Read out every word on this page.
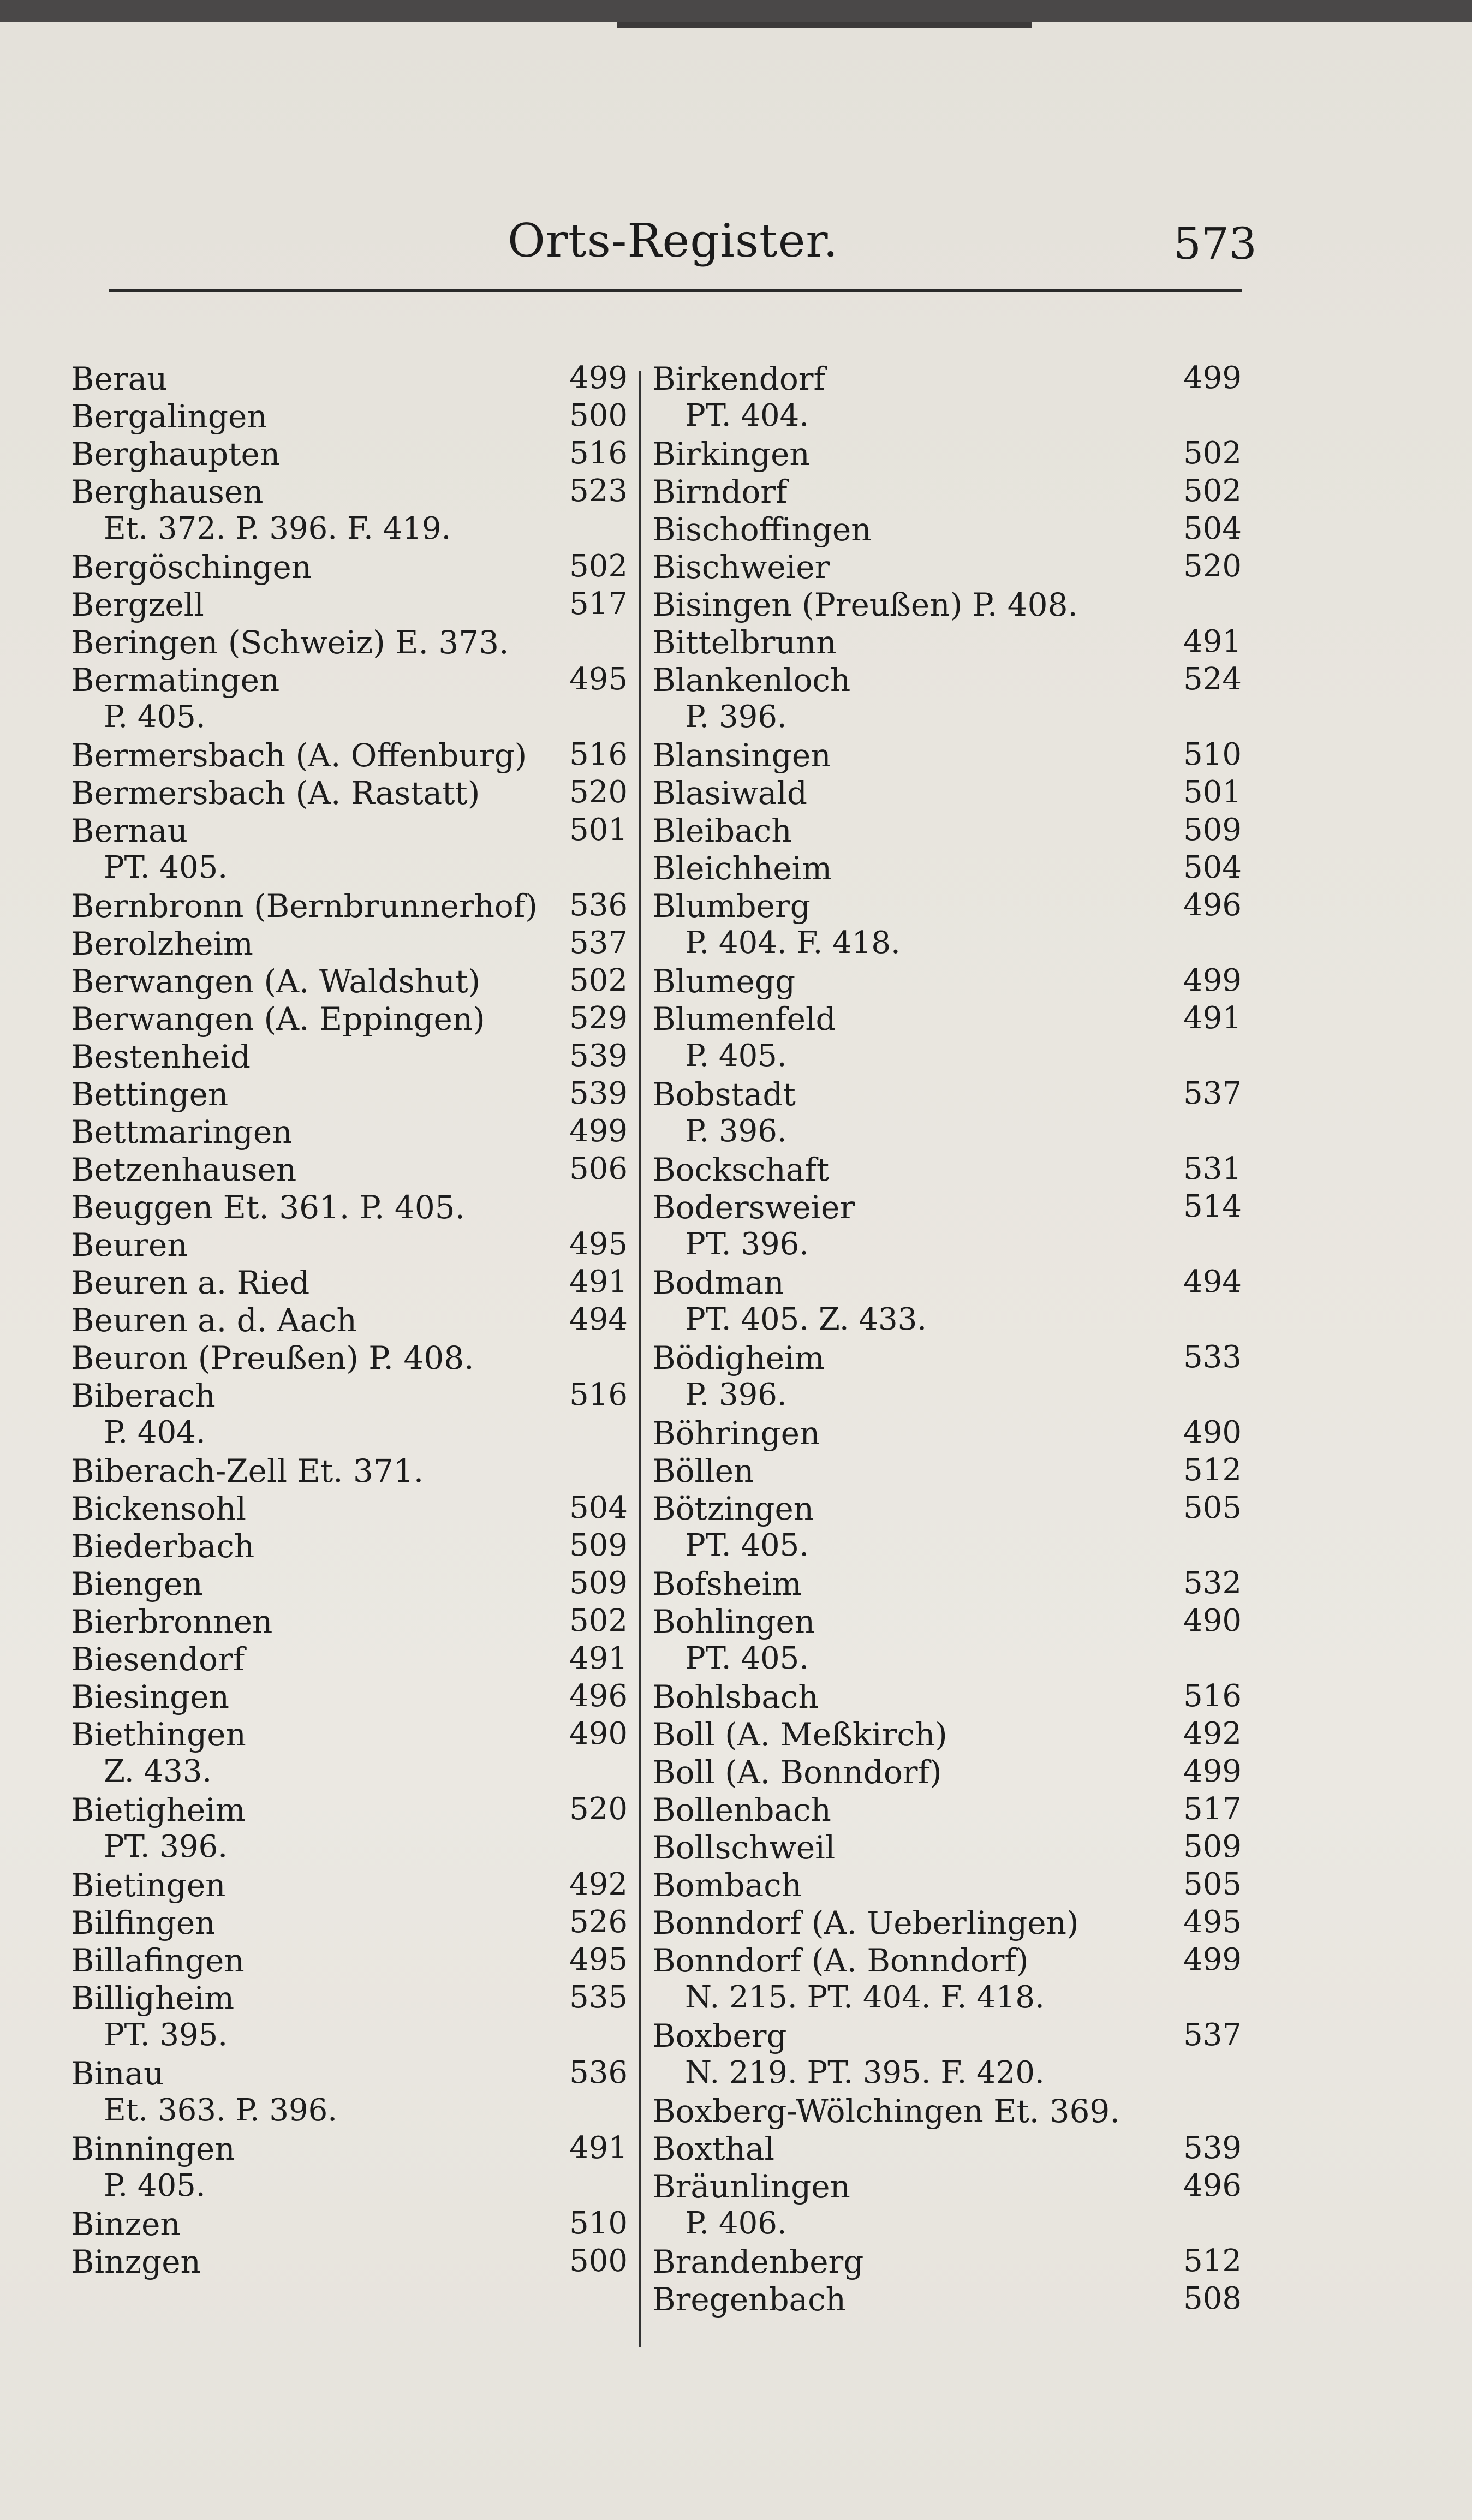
Orts-Register.	573
Berau	499
Bergalingen	500
Berghaupten	516
Berghausen	523
Et. 372. P. 396. F. 419.
Bergöschingen	502
Bergzell	517
Beringen (Schweiz) E. 373.
Bermatingen	495
P. 405.
Bermersbach (A. Offenburg) 516
Bermersbach (A. Rastatt)	520
Bernau	501
PT. 405.
Bernbronn (Bernbrunnerhof) 536
Berolzheim	537
Berwangen (A. Waldshut)	502
Berwangen (A. Eppingen)	529
Bestenheid	539
Bettingen	539
Bettmaringen	499
Betzenhausen	506
Beuggen Et. 361. P. 405.
Beuren	495
Beuren a. Ried	491
Beuren a. d. Aach	494
Beuron (Preußen) P. 408.
Biberach	516
P. 404.
Biberach-Zell Et. 371.
Bickensohl	504
Biederbach	509
Biengen	509
Bierbronnen	502
Biesendorf	491
Biesingen	496
Biethingen	490
Z. 433.
Bietigheim	520
PT. 396.
Bietingen	492
Bilfingen	526
Billafingen	495
Billigheim	535
PT. 395.
Binau	536
Et. 363. P. 396.
Binningen	491
P. 405.
Binzen	510
Binzgen	500
Birkendorf	499
PT. 404.
Birkingen	502
Birndorf	502
Bischoffingen	504
Bischweier	520
Bisingen (Preußen) P. 408.
Bittelbrunn	491
Blankenloch	524
P. 396.
Blansingen	510
Blasiwald	501
Bleibach	509
Bleichheim	504
Blumberg	496
P. 404. F. 418.
Blumegg	499
Blumenfeld	491
P. 405.
Bobstadt	537
P. 396.
Bockschaft	531
Bodersweier	514
PT. 396.
Bodman	494
PT. 405. Z. 433.
Bödigheim	533
P. 396.
Böhringen	490
Böllen	512
Bötzingen	505
PT. 405.
Bofsheim	532
Bohlingen	490
PT. 405.
Bohlsbach	516
Boll (A. Meßkirch)	492
Boll (A. Bonndorf)	499
Bollenbach	517
Bollschweil	509
Bombach	505
Bonndorf (A. Ueberlingen)	495
Bonndorf (A. Bonndorf)	499
N. 215. PT. 404. F. 418.
Boxberg	537
N. 219. PT. 395. F. 420.
Boxberg-Wölchingen Et. 369.
Boxthal	539
Bräunlingen	496
P. 406.
Brandenberg	512
Bregenbach	508
